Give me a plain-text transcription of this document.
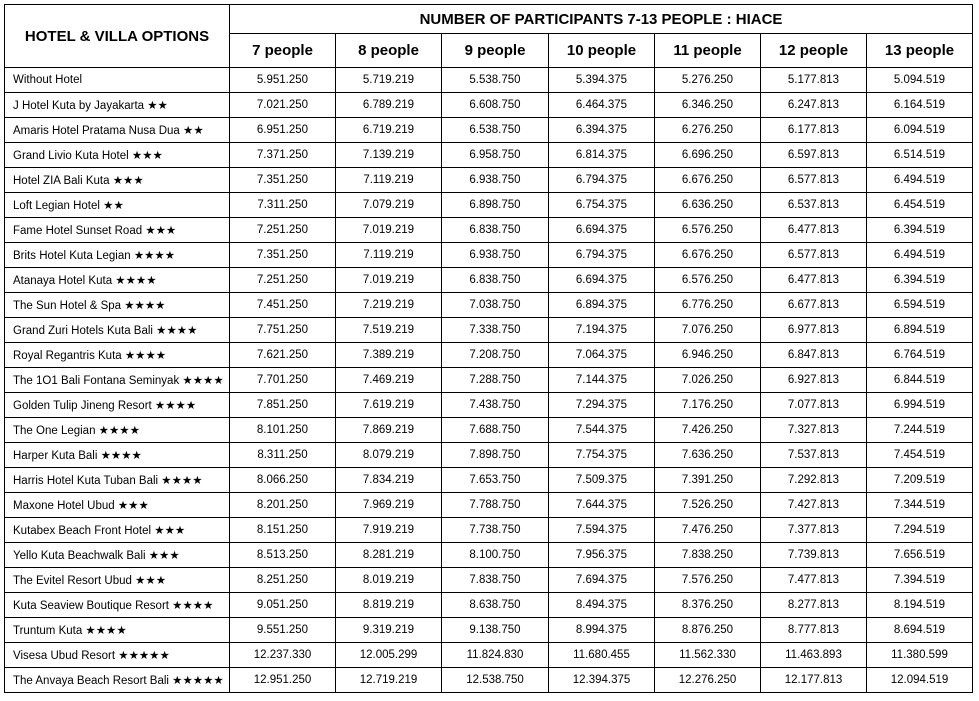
HOTEL & VILLA OPTIONS	NUMBER OF PARTICIPANTS 7-13 PEOPLE : HIACE						
	7 people	8 people	9 people	10 people	11 people	12 people	13 people
Without Hotel	5.951.250	5.719.219	5.538.750	5.394.375	5.276.250	5.177.813	5.094.519
J Hotel Kuta by Jayakarta ★★	7.021.250	6.789.219	6.608.750	6.464.375	6.346.250	6.247.813	6.164.519
Amaris Hotel Pratama Nusa Dua ★★	6.951.250	6.719.219	6.538.750	6.394.375	6.276.250	6.177.813	6.094.519
Grand Livio Kuta Hotel ★★★	7.371.250	7.139.219	6.958.750	6.814.375	6.696.250	6.597.813	6.514.519
Hotel ZIA Bali Kuta ★★★	7.351.250	7.119.219	6.938.750	6.794.375	6.676.250	6.577.813	6.494.519
Loft Legian Hotel ★★	7.311.250	7.079.219	6.898.750	6.754.375	6.636.250	6.537.813	6.454.519
Fame Hotel Sunset Road ★★★	7.251.250	7.019.219	6.838.750	6.694.375	6.576.250	6.477.813	6.394.519
Brits Hotel Kuta Legian ★★★★	7.351.250	7.119.219	6.938.750	6.794.375	6.676.250	6.577.813	6.494.519
Atanaya Hotel Kuta ★★★★	7.251.250	7.019.219	6.838.750	6.694.375	6.576.250	6.477.813	6.394.519
The Sun Hotel & Spa ★★★★	7.451.250	7.219.219	7.038.750	6.894.375	6.776.250	6.677.813	6.594.519
Grand Zuri Hotels Kuta Bali ★★★★	7.751.250	7.519.219	7.338.750	7.194.375	7.076.250	6.977.813	6.894.519
Royal Regantris Kuta ★★★★	7.621.250	7.389.219	7.208.750	7.064.375	6.946.250	6.847.813	6.764.519
The 1O1 Bali Fontana Seminyak ★★★★	7.701.250	7.469.219	7.288.750	7.144.375	7.026.250	6.927.813	6.844.519
Golden Tulip Jineng Resort ★★★★	7.851.250	7.619.219	7.438.750	7.294.375	7.176.250	7.077.813	6.994.519
The One Legian ★★★★	8.101.250	7.869.219	7.688.750	7.544.375	7.426.250	7.327.813	7.244.519
Harper Kuta Bali ★★★★	8.311.250	8.079.219	7.898.750	7.754.375	7.636.250	7.537.813	7.454.519
Harris Hotel Kuta Tuban Bali ★★★★	8.066.250	7.834.219	7.653.750	7.509.375	7.391.250	7.292.813	7.209.519
Maxone Hotel Ubud ★★★	8.201.250	7.969.219	7.788.750	7.644.375	7.526.250	7.427.813	7.344.519
Kutabex Beach Front Hotel ★★★	8.151.250	7.919.219	7.738.750	7.594.375	7.476.250	7.377.813	7.294.519
Yello Kuta Beachwalk Bali ★★★	8.513.250	8.281.219	8.100.750	7.956.375	7.838.250	7.739.813	7.656.519
The Evitel Resort Ubud ★★★	8.251.250	8.019.219	7.838.750	7.694.375	7.576.250	7.477.813	7.394.519
Kuta Seaview Boutique Resort ★★★★	9.051.250	8.819.219	8.638.750	8.494.375	8.376.250	8.277.813	8.194.519
Truntum Kuta ★★★★	9.551.250	9.319.219	9.138.750	8.994.375	8.876.250	8.777.813	8.694.519
Visesa Ubud Resort ★★★★★	12.237.330	12.005.299	11.824.830	11.680.455	11.562.330	11.463.893	11.380.599
The Anvaya Beach Resort Bali ★★★★★	12.951.250	12.719.219	12.538.750	12.394.375	12.276.250	12.177.813	12.094.519
